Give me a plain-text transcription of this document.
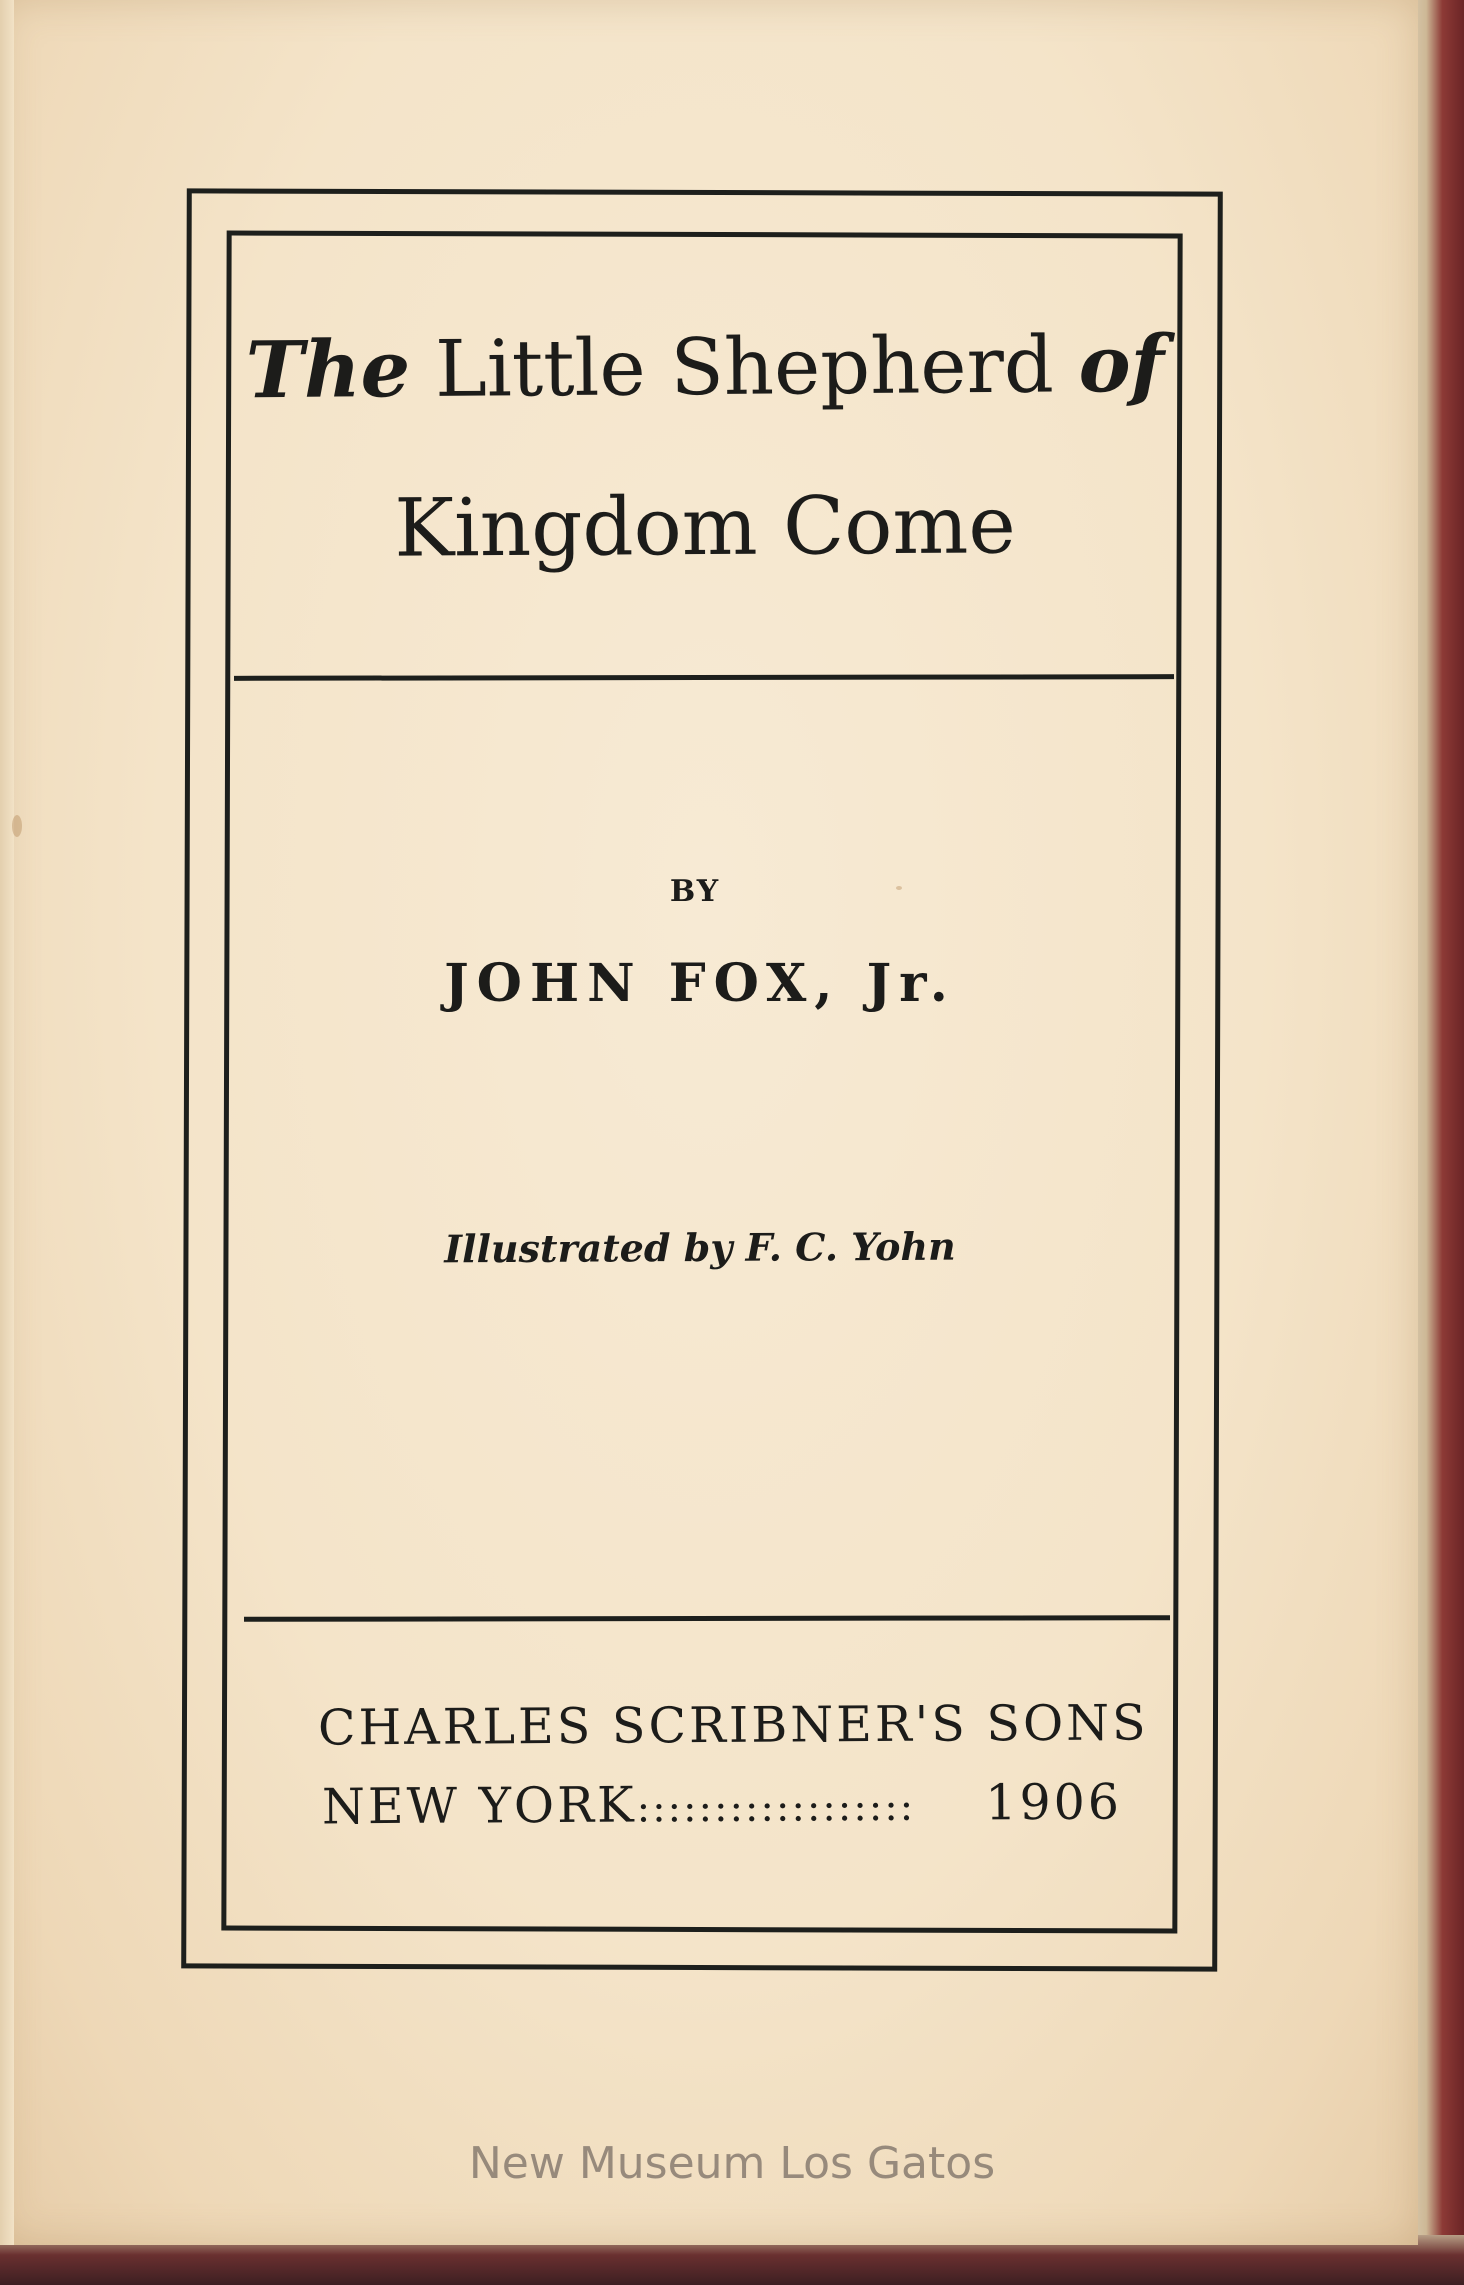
The Little Shepherd of
Kingdom Come
BY
JOHN FOX, Jr.
Illustrated by F. C. Yohn
CHARLES SCRIBNER'S SONS
NEW YORK ::::::::::::::::::	1906
New Museum Los Gatos
